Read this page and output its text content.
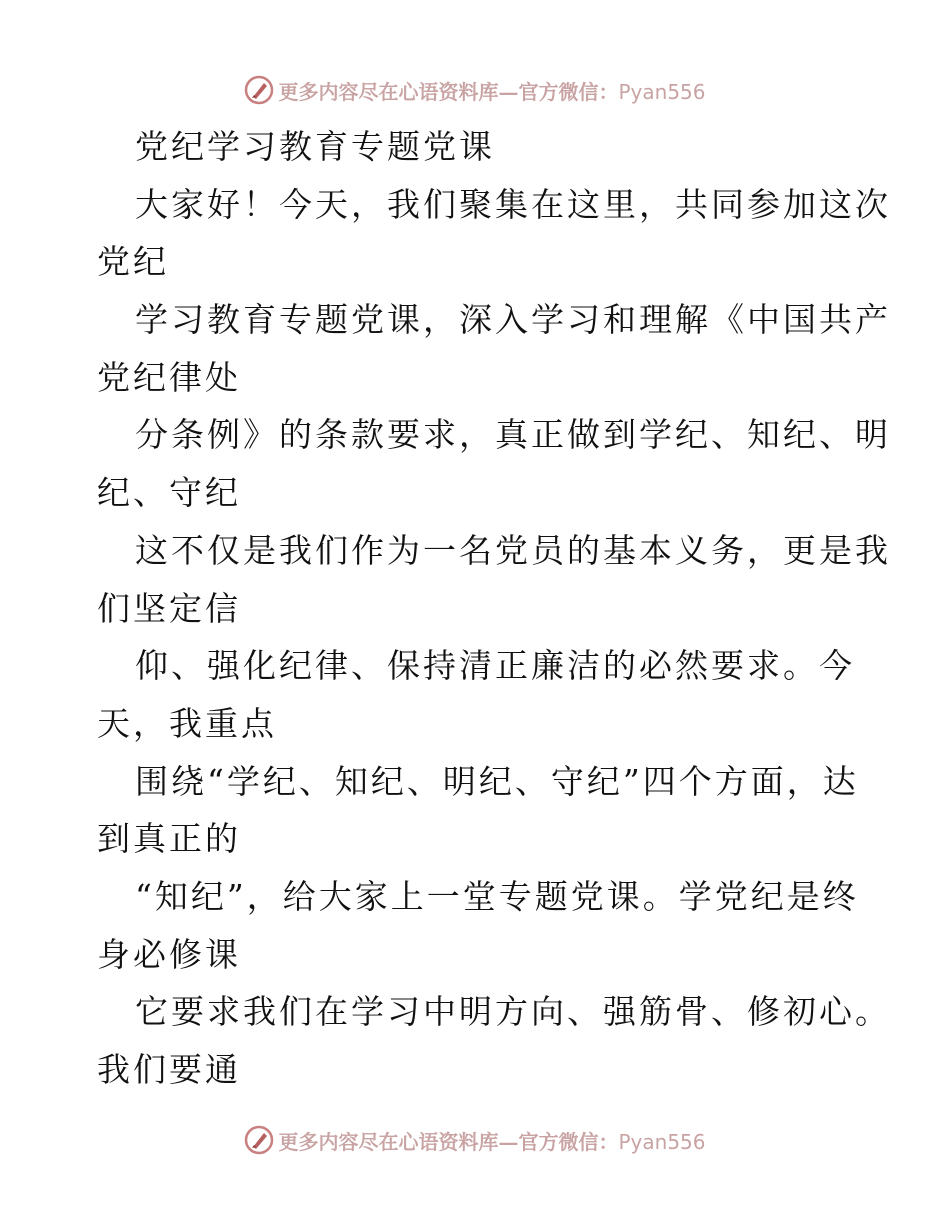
更多内容尽在心语资料库—官方微信：Pyan556
党纪学习教育专题党课
大家好！今天，我们聚集在这里，共同参加这次
党纪
学习教育专题党课，深入学习和理解《中国共产
党纪律处
分条例》的条款要求，真正做到学纪、知纪、明
纪、守纪
这不仅是我们作为一名党员的基本义务，更是我
们坚定信
仰、强化纪律、保持清正廉洁的必然要求。今
天，我重点
围绕“学纪、知纪、明纪、守纪”四个方面，达
到真正的
“知纪”，给大家上一堂专题党课。学党纪是终
身必修课
它要求我们在学习中明方向、强筋骨、修初心。
我们要通
更多内容尽在心语资料库—官方微信：Pyan556
